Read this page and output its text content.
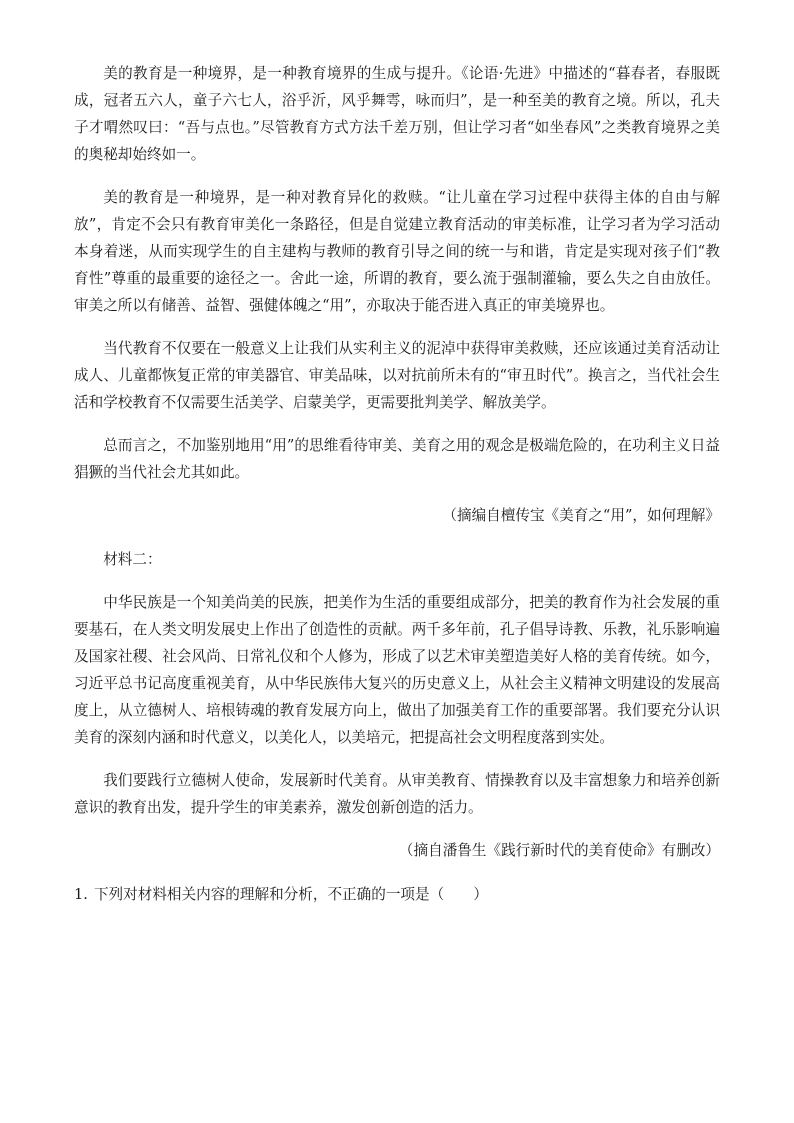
美的教育是一种境界，是一种教育境界的生成与提升。《论语·先进》中描述的“暮春者，春服既成，冠者五六人，童子六七人，浴乎沂，风乎舞雩，咏而归”，是一种至美的教育之境。所以，孔夫子才喟然叹曰：“吾与点也。”尽管教育方式方法千差万别，但让学习者“如坐春风”之类教育境界之美的奥秘却始终如一。

美的教育是一种境界，是一种对教育异化的救赎。“让儿童在学习过程中获得主体的自由与解放”，肯定不会只有教育审美化一条路径，但是自觉建立教育活动的审美标准，让学习者为学习活动本身着迷，从而实现学生的自主建构与教师的教育引导之间的统一与和谐，肯定是实现对孩子们“教育性”尊重的最重要的途径之一。舍此一途，所谓的教育，要么流于强制灌输，要么失之自由放任。审美之所以有储善、益智、强健体魄之“用”，亦取决于能否进入真正的审美境界也。

当代教育不仅要在一般意义上让我们从实利主义的泥淖中获得审美救赎，还应该通过美育活动让成人、儿童都恢复正常的审美器官、审美品味，以对抗前所未有的“审丑时代”。换言之，当代社会生活和学校教育不仅需要生活美学、启蒙美学，更需要批判美学、解放美学。

总而言之，不加鉴别地用“用”的思维看待审美、美育之用的观念是极端危险的，在功利主义日益猖獗的当代社会尤其如此。

（摘编自檀传宝《美育之“用”，如何理解》

材料二：

中华民族是一个知美尚美的民族，把美作为生活的重要组成部分，把美的教育作为社会发展的重要基石，在人类文明发展史上作出了创造性的贡献。两千多年前，孔子倡导诗教、乐教，礼乐影响遍及国家社稷、社会风尚、日常礼仪和个人修为，形成了以艺术审美塑造美好人格的美育传统。如今，习近平总书记高度重视美育，从中华民族伟大复兴的历史意义上，从社会主义精神文明建设的发展高度上，从立德树人、培根铸魂的教育发展方向上，做出了加强美育工作的重要部署。我们要充分认识美育的深刻内涵和时代意义，以美化人，以美培元，把提高社会文明程度落到实处。

我们要践行立德树人使命，发展新时代美育。从审美教育、情操教育以及丰富想象力和培养创新意识的教育出发，提升学生的审美素养，激发创新创造的活力。

（摘自潘鲁生《践行新时代的美育使命》有删改）

1. 下列对材料相关内容的理解和分析，不正确的一项是（　　）
